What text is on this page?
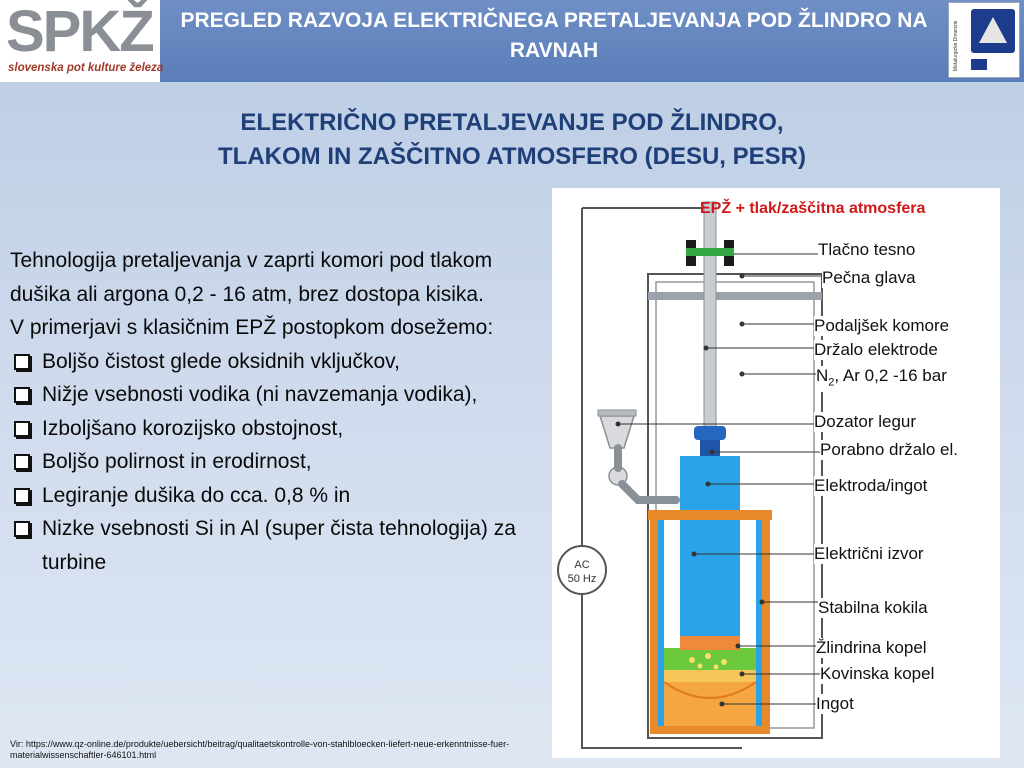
SPKŽ
slovenska pot kulture železa
PREGLED RAZVOJA ELEKTRIČNEGA PRETALJEVANJA POD ŽLINDRO NA RAVNAH	Metalurgicke Dimenzie
ELEKTRIČNO PRETALJEVANJE POD ŽLINDRO,
TLAKOM IN ZAŠČITNO ATMOSFERO (DESU, PESR)

Tehnologija pretaljevanja v zaprti komori pod tlakom dušika ali argona 0,2 - 16 atm, brez dostopa kisika.

V primerjavi s klasičnim EPŽ postopkom dosežemo:

Boljšo čistost glede oksidnih vključkov,
Nižje vsebnosti vodika (ni navzemanja vodika),
Izboljšano korozijsko obstojnost,
Boljšo polirnost in erodirnost,
Legiranje dušika do cca. 0,8 % in
Nizke vsebnosti Si in Al (super čista tehnologija) za turbine
Vir: https://www.qz-online.de/produkte/uebersicht/beitrag/qualitaetskontrolle-von-stahlbloecken-liefert-neue-erkenntnisse-fuer-materialwissenschaftler-646101.html
AC
50 Hz
EPŽ + tlak/zaščitna atmosfera
Tlačno tesno
Pečna glava
Podaljšek komore
Držalo elektrode
$N_2$, Ar 0,2 -16 bar
Dozator legur
Porabno držalo el.
Elektroda/ingot
Električni izvor
Stabilna kokila
Žlindrina kopel
Kovinska kopel
Ingot
